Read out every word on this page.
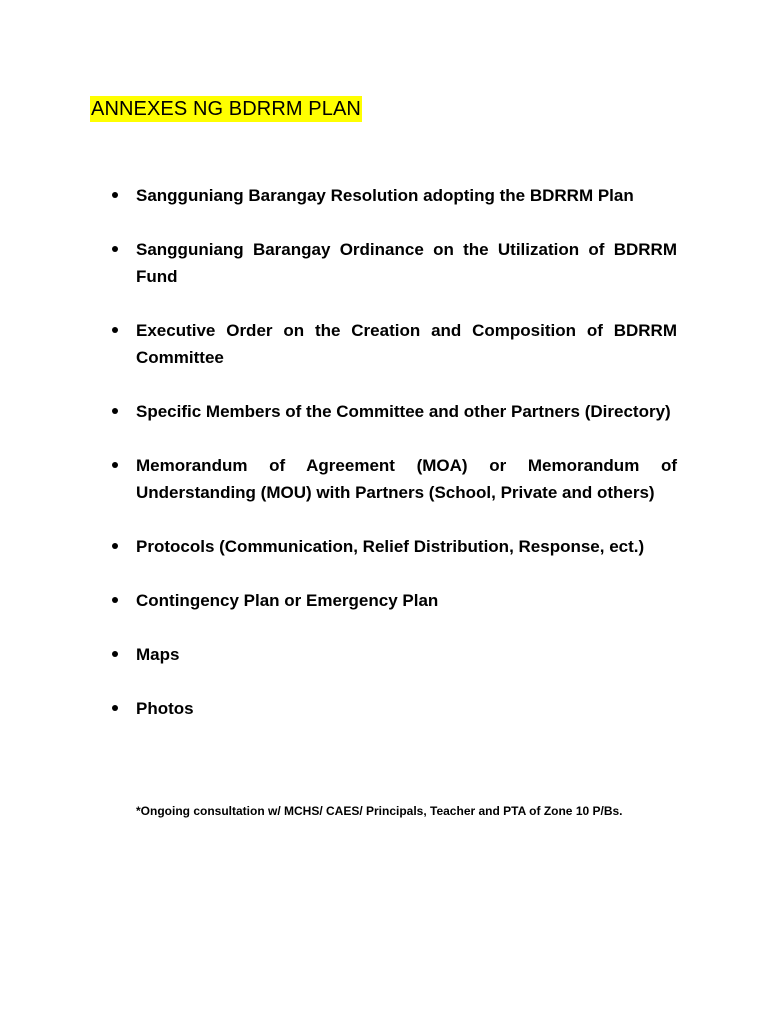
ANNEXES NG BDRRM PLAN
Sangguniang Barangay Resolution adopting the BDRRM Plan
Sangguniang Barangay Ordinance on the Utilization of BDRRM Fund
Executive Order on the Creation and Composition of BDRRM Committee
Specific Members of the Committee and other Partners (Directory)
Memorandum of Agreement (MOA) or Memorandum of Understanding (MOU) with Partners (School, Private and others)
Protocols (Communication, Relief Distribution, Response, ect.)
Contingency Plan or Emergency Plan
Maps
Photos
*Ongoing consultation w/ MCHS/ CAES/ Principals, Teacher and PTA of Zone 10 P/Bs.
